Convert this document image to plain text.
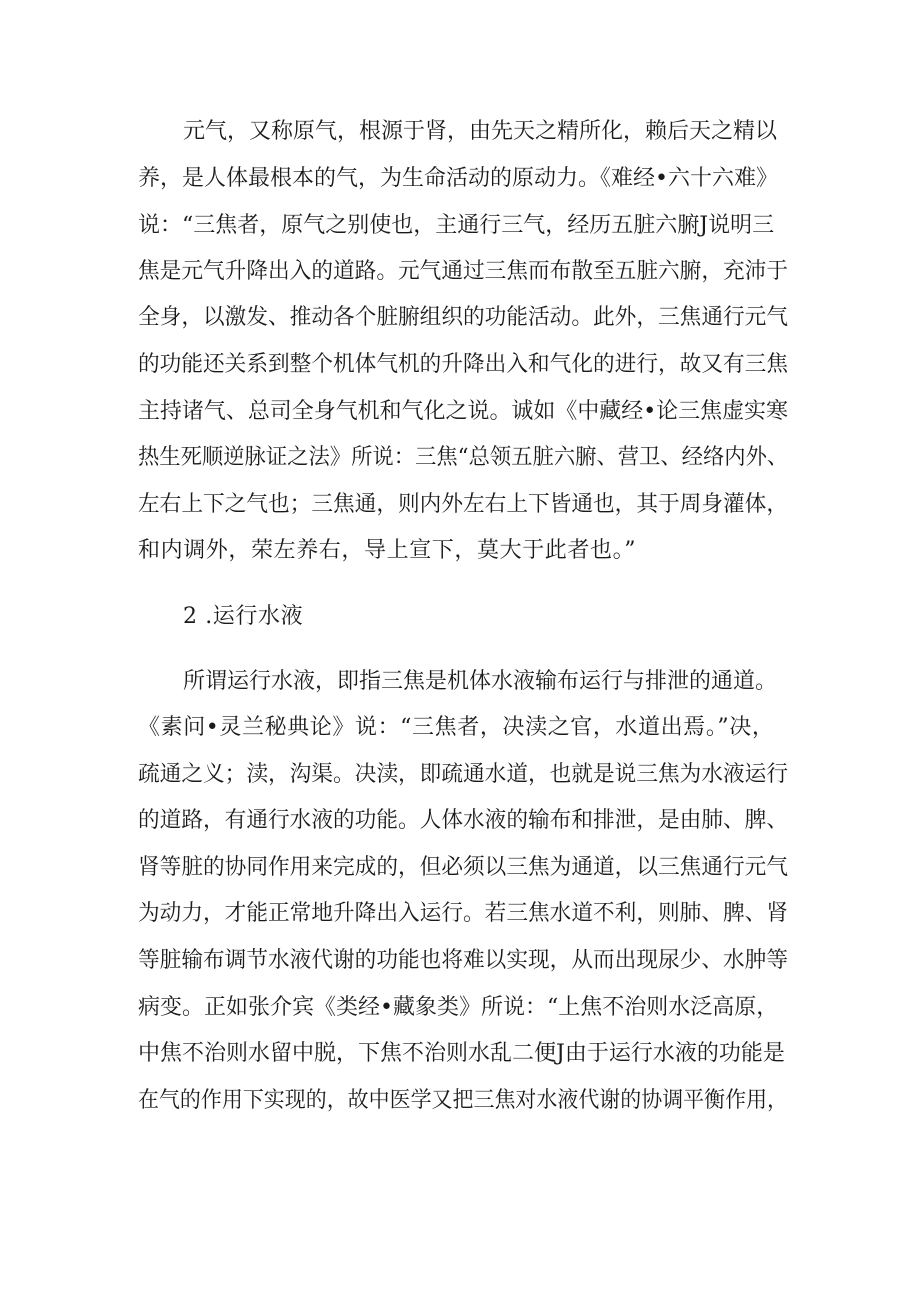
元气，又称原气，根源于肾，由先天之精所化，赖后天之精以
养，是人体最根本的气，为生命活动的原动力。《难经•六十六难》
说：“三焦者，原气之别使也，主通行三气，经历五脏六腑J说明三
焦是元气升降出入的道路。元气通过三焦而布散至五脏六腑，充沛于
全身，以激发、推动各个脏腑组织的功能活动。此外，三焦通行元气
的功能还关系到整个机体气机的升降出入和气化的进行，故又有三焦
主持诸气、总司全身气机和气化之说。诚如《中藏经•论三焦虚实寒
热生死顺逆脉证之法》所说：三焦“总领五脏六腑、营卫、经络内外、
左右上下之气也；三焦通，则内外左右上下皆通也，其于周身灌体，
和内调外，荣左养右，导上宣下，莫大于此者也。”
2 .运行水液
所谓运行水液，即指三焦是机体水液输布运行与排泄的通道。
《素问•灵兰秘典论》说：“三焦者，决渎之官，水道出焉。”决，
疏通之义；渎，沟渠。决渎，即疏通水道，也就是说三焦为水液运行
的道路，有通行水液的功能。人体水液的输布和排泄，是由肺、脾、
肾等脏的协同作用来完成的，但必须以三焦为通道，以三焦通行元气
为动力，才能正常地升降出入运行。若三焦水道不利，则肺、脾、肾
等脏输布调节水液代谢的功能也将难以实现，从而出现尿少、水肿等
病变。正如张介宾《类经•藏象类》所说：“上焦不治则水泛高原，
中焦不治则水留中脱，下焦不治则水乱二便J由于运行水液的功能是
在气的作用下实现的，故中医学又把三焦对水液代谢的协调平衡作用，
